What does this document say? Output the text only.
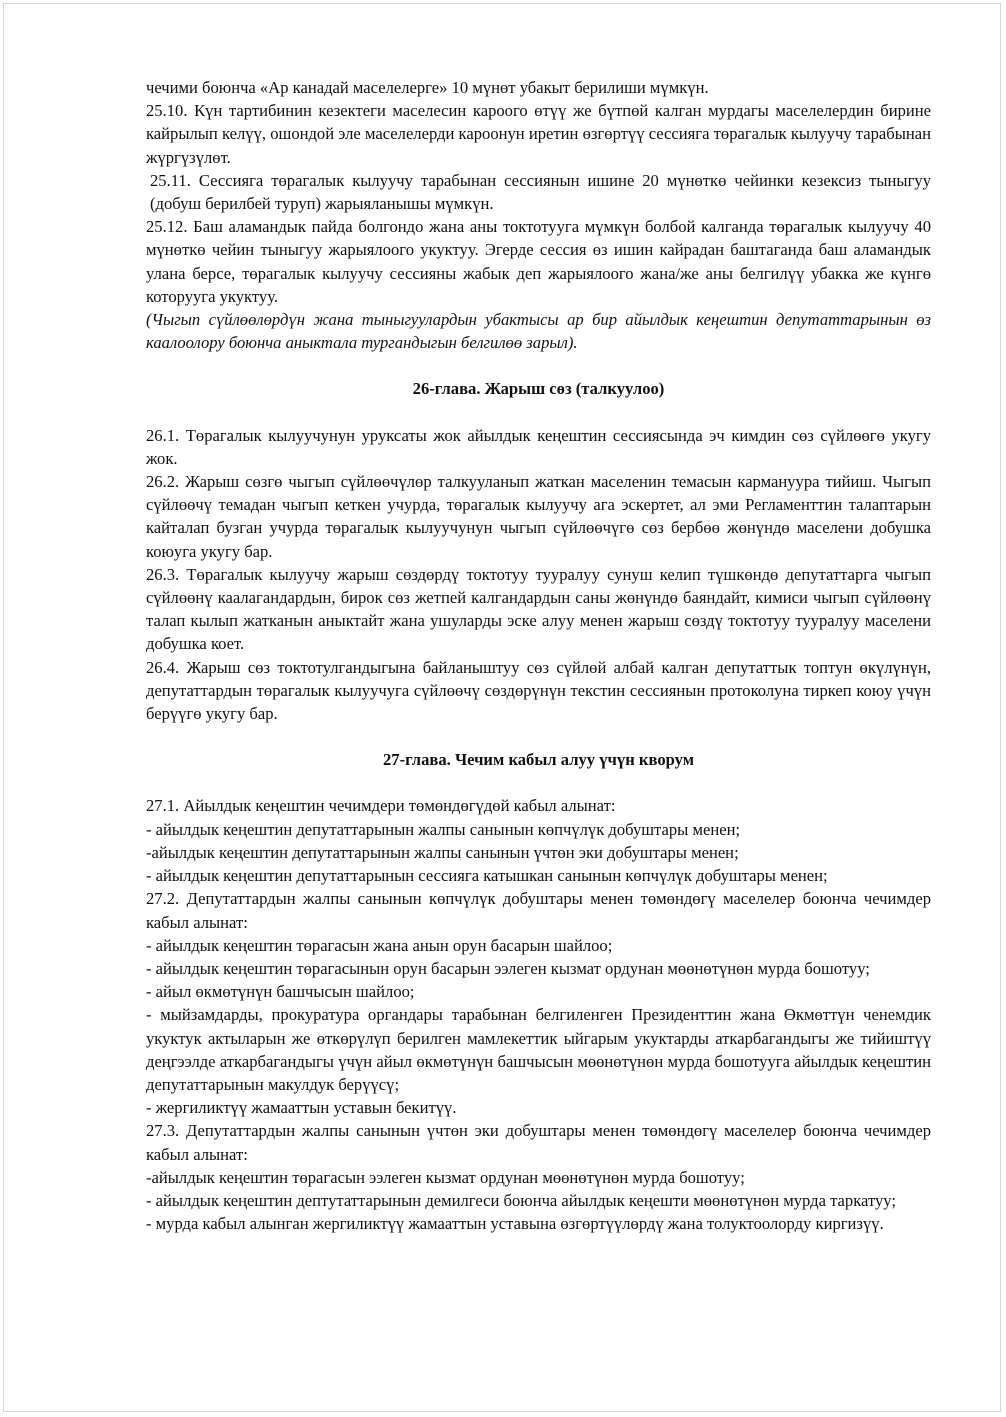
чечими боюнча «Ар канадай маселелерге» 10 мүнөт убакыт берилиши мүмкүн.

25.10. Күн тартибинин кезектеги маселесин кароого өтүү же бүтпөй калган мурдагы маселелердин бирине кайрылып келүү, ошондой эле маселелерди кароонун иретин өзгөртүү сессияга төрагалык кылуучу тарабынан жүргүзүлөт.

25.11. Сессияга төрагалык кылуучу тарабынан сессиянын ишине 20 мүнөткө чейинки кезексиз тыныгуу (добуш берилбей туруп) жарыяланышы мүмкүн.

25.12. Баш аламандык пайда болгондо жана аны токтотууга мүмкүн болбой калганда төрагалык кылуучу 40 мүнөткө чейин тыныгуу жарыялоого укуктуу. Эгерде сессия өз ишин кайрадан баштаганда баш аламандык улана берсе, төрагалык кылуучу сессияны жабык деп жарыялоого жана/же аны белгилүү убакка же күнгө которууга укуктуу.

(Чыгып сүйлөөлөрдүн жана тыныгуулардын убактысы ар бир айылдык кеңештин депутаттарынын өз каалоолору боюнча аныктала тургандыгын белгилөө зарыл).

26-глава. Жарыш сөз (талкуулоо)

26.1. Төрагалык кылуучунун уруксаты жок айылдык кеңештин сессиясында эч кимдин сөз сүйлөөгө укугу жок.

26.2. Жарыш сөзгө чыгып сүйлөөчүлөр талкууланып жаткан маселенин темасын кармануура тийиш. Чыгып сүйлөөчү темадан чыгып кеткен учурда, төрагалык кылуучу ага эскертет, ал эми Регламенттин талаптарын кайталап бузган учурда төрагалык кылуучунун чыгып сүйлөөчүгө сөз бербөө жөнүндө маселени добушка коюуга укугу бар.

26.3. Төрагалык кылуучу жарыш сөздөрдү токтотуу тууралуу сунуш келип түшкөндө депутаттарга чыгып сүйлөөнү каалагандардын, бирок сөз жетпей калгандардын саны жөнүндө баяндайт, кимиси чыгып сүйлөөнү талап кылып жатканын аныктайт жана ушуларды эске алуу менен жарыш сөздү токтотуу тууралуу маселени добушка коет.

26.4. Жарыш сөз токтотулгандыгына байланыштуу сөз сүйлөй албай калган депутаттык топтун өкүлүнүн, депутаттардын төрагалык кылуучуга сүйлөөчү сөздөрүнүн текстин сессиянын протоколуна тиркеп коюу үчүн берүүгө укугу бар.

27-глава. Чечим кабыл алуу үчүн кворум

27.1. Айылдык кеңештин чечимдери төмөндөгүдөй кабыл алынат:

- айылдык кеңештин депутаттарынын жалпы санынын көпчүлүк добуштары менен;

-айылдык кеңештин депутаттарынын жалпы санынын үчтөн эки добуштары менен;

- айылдык кеңештин депутаттарынын сессияга катышкан санынын көпчүлүк добуштары менен;

27.2. Депутаттардын жалпы санынын көпчүлүк добуштары менен төмөндөгү маселелер боюнча чечимдер кабыл алынат:

- айылдык кеңештин төрагасын жана анын орун басарын шайлоо;

- айылдык кеңештин төрагасынын орун басарын ээлеген кызмат ордунан мөөнөтүнөн мурда бошотуу;

- айыл өкмөтүнүн башчысын шайлоо;

- мыйзамдарды, прокуратура органдары тарабынан белгиленген Президенттин жана Өкмөттүн ченемдик укуктук актыларын же өткөрүлүп берилген мамлекеттик ыйгарым укуктарды аткарбагандыгы же тийиштүү деңгээлде аткарбагандыгы үчүн айыл өкмөтүнүн башчысын мөөнөтүнөн мурда бошотууга айылдык кеңештин депутаттарынын макулдук берүүсү;

- жергиликтүү жамааттын уставын бекитүү.

27.3. Депутаттардын жалпы санынын үчтөн эки добуштары менен төмөндөгү маселелер боюнча чечимдер кабыл алынат:

-айылдык кеңештин төрагасын ээлеген кызмат ордунан мөөнөтүнөн мурда бошотуу;

- айылдык кеңештин дептутаттарынын демилгеси боюнча айылдык кеңешти мөөнөтүнөн мурда таркатуу;

- мурда кабыл алынган жергиликтүү жамааттын уставына өзгөртүүлөрдү жана толуктоолорду киргизүү.
